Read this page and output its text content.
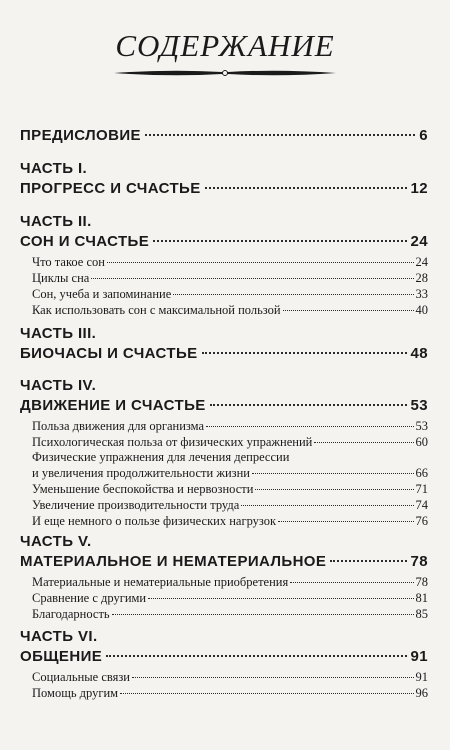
СОДЕРЖАНИЕ
ПРЕДИСЛОВИЕ	6
ЧАСТЬ I.
ПРОГРЕСС И СЧАСТЬЕ	12
ЧАСТЬ II.
СОН И СЧАСТЬЕ	24
Что такое сон	24
Циклы сна	28
Сон, учеба и запоминание	33
Как использовать сон с максимальной пользой	40
ЧАСТЬ III.
БИОЧАСЫ И СЧАСТЬЕ	48
ЧАСТЬ IV.
ДВИЖЕНИЕ И СЧАСТЬЕ	53
Польза движения для организма	53
Психологическая польза от физических упражнений	60
Физические упражнения для лечения депрессии
и увеличения продолжительности жизни	66
Уменьшение беспокойства и нервозности	71
Увеличение производительности труда	74
И еще немного о пользе физических нагрузок	76
ЧАСТЬ V.
МАТЕРИАЛЬНОЕ И НЕМАТЕРИАЛЬНОЕ	78
Материальные и нематериальные приобретения	78
Сравнение с другими	81
Благодарность	85
ЧАСТЬ VI.
ОБЩЕНИЕ	91
Социальные связи	91
Помощь другим	96
